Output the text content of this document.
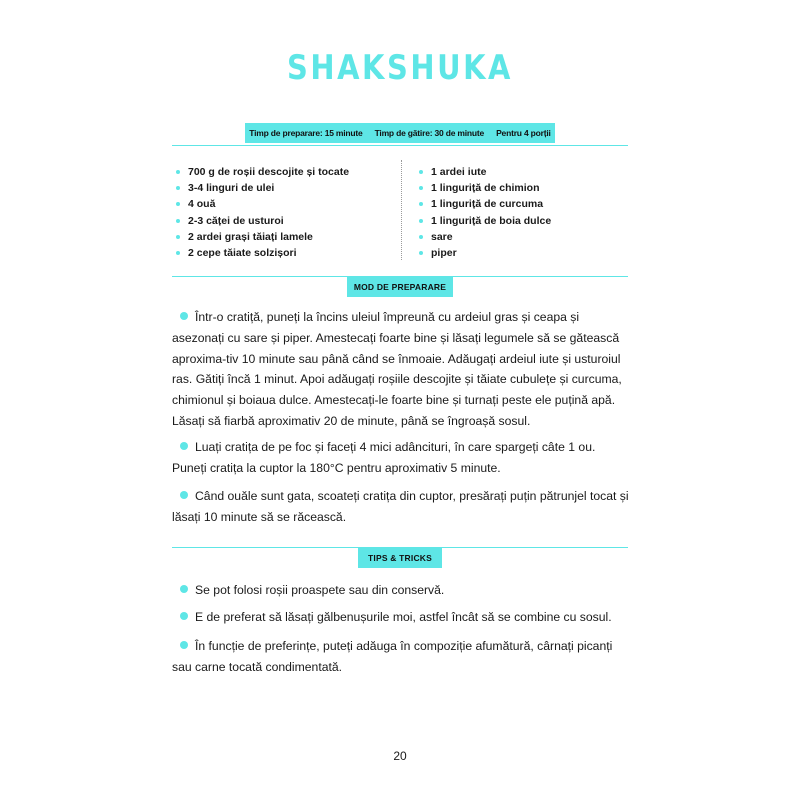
SHAKSHUKA
Timp de preparare: 15 minute Timp de gătire: 30 de minute Pentru 4 porții
700 g de roșii descojite și tocate
3-4 linguri de ulei
4 ouă
2-3 căței de usturoi
2 ardei grași tăiați lamele
2 cepe tăiate solzișori
1 ardei iute
1 linguriță de chimion
1 linguriță de curcuma
1 linguriță de boia dulce
sare
piper
MOD DE PREPARARE

Într-o cratiță, puneți la încins uleiul împreună cu ardeiul gras și ceapa și asezonați cu sare și piper. Amestecați foarte bine și lăsați legumele să se gătească aproxima-tiv 10 minute sau până când se înmoaie. Adăugați ardeiul iute și usturoiul ras. Gătiți încă 1 minut. Apoi adăugați roșiile descojite și tăiate cubulețe și curcuma, chimionul și boiaua dulce. Amestecați-le foarte bine și turnați peste ele puțină apă. Lăsați să fiarbă aproximativ 20 de minute, până se îngroașă sosul.

Luați cratița de pe foc și faceți 4 mici adâncituri, în care spargeți câte 1 ou. Puneți cratița la cuptor la 180°C pentru aproximativ 5 minute.

Când ouăle sunt gata, scoateți cratița din cuptor, presărați puțin pătrunjel tocat și lăsați 10 minute să se răcească.

TIPS & TRICKS

Se pot folosi roșii proaspete sau din conservă.

E de preferat să lăsați gălbenușurile moi, astfel încât să se combine cu sosul.

În funcție de preferințe, puteți adăuga în compoziție afumătură, cârnați picanți sau carne tocată condimentată.

20
